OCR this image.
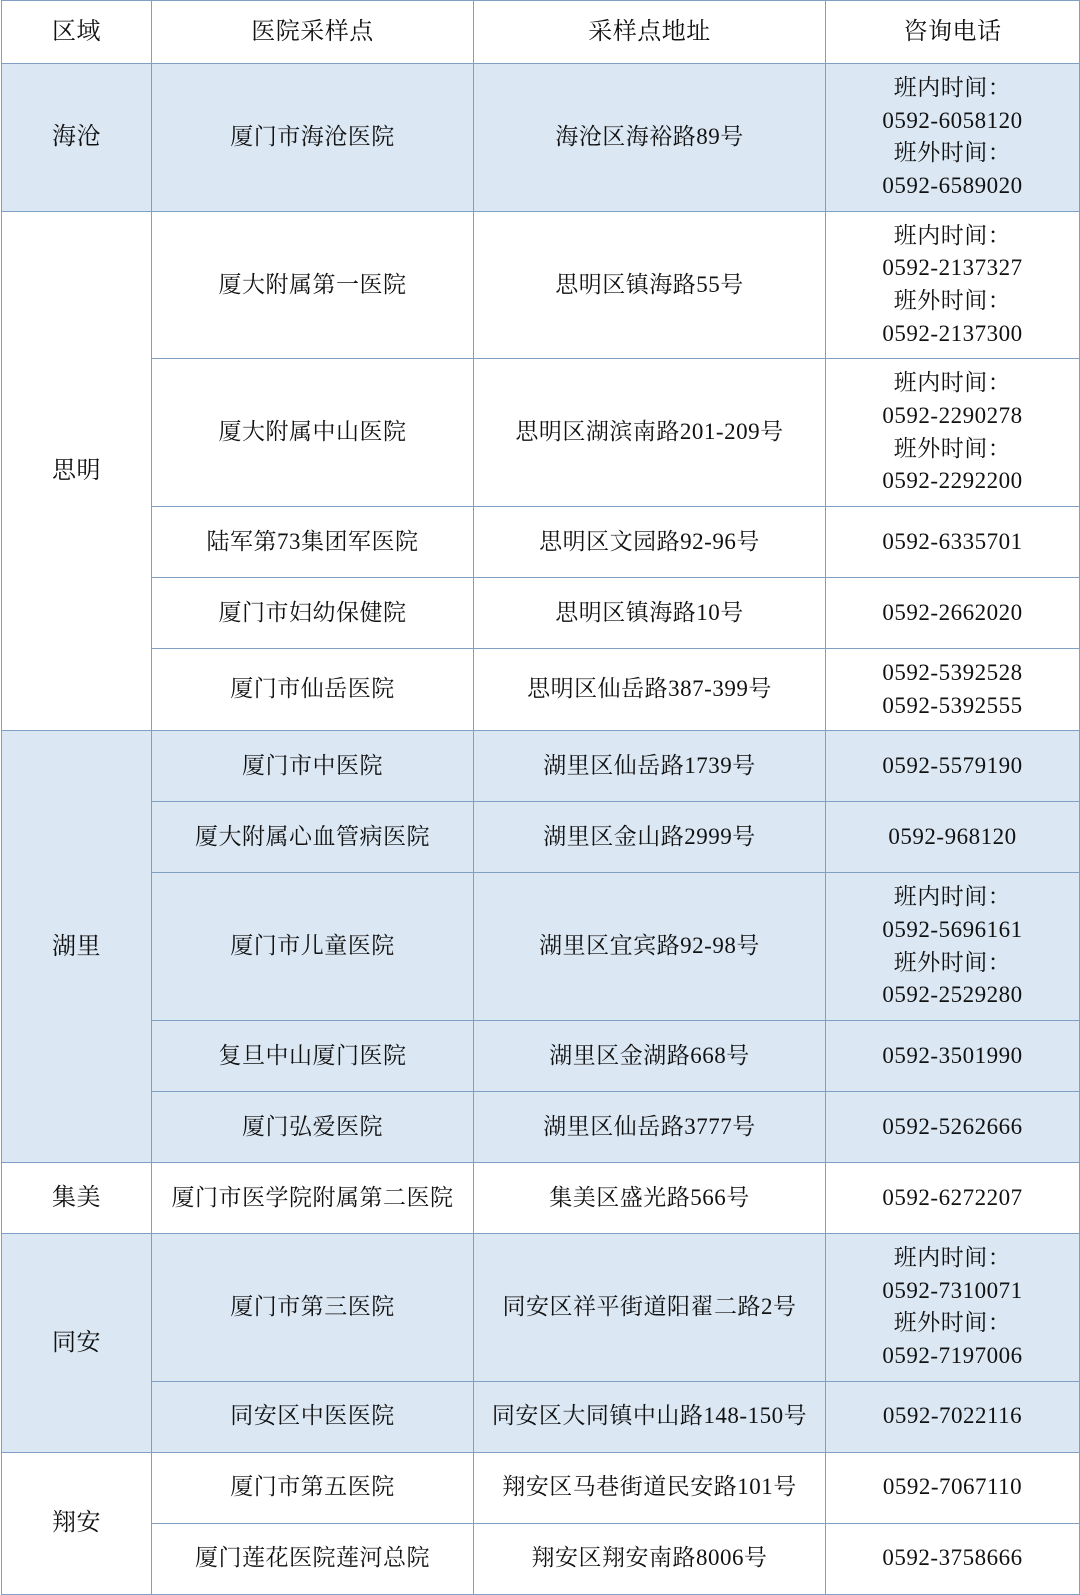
区域	医院采样点	采样点地址	咨询电话
海沧	厦门市海沧医院	海沧区海裕路89号	班内时间：
0592-6058120
班外时间：
0592-6589020

思明	厦大附属第一医院	思明区镇海路55号	班内时间：
0592-2137327
班外时间：
0592-2137300

	厦大附属中山医院	思明区湖滨南路201-209号	班内时间：
0592-2290278
班外时间：
0592-2292200

	陆军第73集团军医院	思明区文园路92-96号	0592-6335701

	厦门市妇幼保健院	思明区镇海路10号	0592-2662020

	厦门市仙岳医院	思明区仙岳路387-399号	0592-5392528
0592-5392555

湖里	厦门市中医院	湖里区仙岳路1739号	0592-5579190

	厦大附属心血管病医院	湖里区金山路2999号	0592-968120

	厦门市儿童医院	湖里区宜宾路92-98号	班内时间：
0592-5696161
班外时间：
0592-2529280

	复旦中山厦门医院	湖里区金湖路668号	0592-3501990

	厦门弘爱医院	湖里区仙岳路3777号	0592-5262666

集美	厦门市医学院附属第二医院	集美区盛光路566号	0592-6272207

同安	厦门市第三医院	同安区祥平街道阳翟二路2号	班内时间：
0592-7310071
班外时间：
0592-7197006

	同安区中医医院	同安区大同镇中山路148-150号	0592-7022116

翔安	厦门市第五医院	翔安区马巷街道民安路101号	0592-7067110

	厦门莲花医院莲河总院	翔安区翔安南路8006号	0592-3758666
